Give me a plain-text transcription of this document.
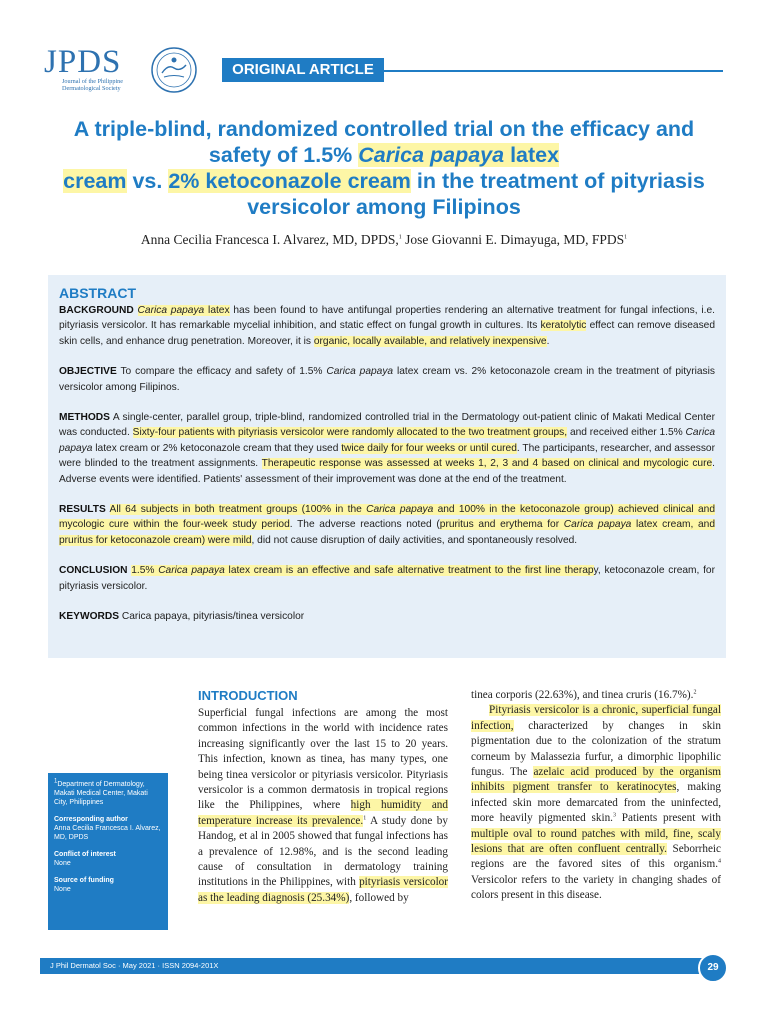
JPDS
Journal of the Philippine Dermatological Society
ORIGINAL ARTICLE
A triple-blind, randomized controlled trial on the efficacy and safety of 1.5% Carica papaya latex
cream vs. 2% ketoconazole cream in the treatment of pityriasis versicolor among Filipinos
Anna Cecilia Francesca I. Alvarez, MD, DPDS,$^1$ Jose Giovanni E. Dimayuga, MD, FPDS$^1$
ABSTRACT

BACKGROUND Carica papaya latex has been found to have antifungal properties rendering an alternative treatment for fungal infections, i.e. pityriasis versicolor. It has remarkable mycelial inhibition, and static effect on fungal growth in cultures. Its keratolytic effect can remove diseased skin cells, and enhance drug penetration. Moreover, it is organic, locally available, and relatively inexpensive.

OBJECTIVE To compare the efficacy and safety of 1.5% Carica papaya latex cream vs. 2% ketoconazole cream in the treatment of pityriasis versicolor among Filipinos.

METHODS A single-center, parallel group, triple-blind, randomized controlled trial in the Dermatology out-patient clinic of Makati Medical Center was conducted. Sixty-four patients with pityriasis versicolor were randomly allocated to the two treatment groups, and received either 1.5% Carica papaya latex cream or 2% ketoconazole cream that they used twice daily for four weeks or until cured. The participants, researcher, and assessor were blinded to the treatment assignments. Therapeutic response was assessed at weeks 1, 2, 3 and 4 based on clinical and mycologic cure. Adverse events were identified. Patients' assessment of their improvement was done at the end of the treatment.

RESULTS All 64 subjects in both treatment groups (100% in the Carica papaya and 100% in the ketoconazole group) achieved clinical and mycologic cure within the four-week study period. The adverse reactions noted (pruritus and erythema for Carica papaya latex cream, and pruritus for ketoconazole cream) were mild, did not cause disruption of daily activities, and spontaneously resolved.

CONCLUSION 1.5% Carica papaya latex cream is an effective and safe alternative treatment to the first line therapy, ketoconazole cream, for pityriasis versicolor.

KEYWORDS Carica papaya, pityriasis/tinea versicolor

$^1$Department of Dermatology, Makati Medical Center, Makati City, Philippines
Corresponding author
Anna Cecilia Francesca I. Alvarez, MD, DPDS
Conflict of interest
None
Source of funding
None
INTRODUCTION

Superficial fungal infections are among the most common infections in the world with incidence rates increasing significantly over the last 15 to 20 years. This infection, known as tinea, has many types, one being tinea versicolor or pityriasis versicolor. Pityriasis versicolor is a common dermatosis in tropical regions like the Philippines, where high humidity and temperature increase its prevalence.$^1$ A study done by Handog, et al in 2005 showed that fungal infections has a prevalence of 12.98%, and is the second leading cause of consultation in dermatology training institutions in the Philippines, with pityriasis versicolor as the leading diagnosis (25.34%), followed by

tinea corporis (22.63%), and tinea cruris (16.7%).$^2$

Pityriasis versicolor is a chronic, superficial fungal infection, characterized by changes in skin pigmentation due to the colonization of the stratum corneum by Malassezia furfur, a dimorphic lipophilic fungus. The azelaic acid produced by the organism inhibits pigment transfer to keratinocytes, making infected skin more demarcated from the uninfected, more heavily pigmented skin.$^3$ Patients present with multiple oval to round patches with mild, fine, scaly lesions that are often confluent centrally. Seborrheic regions are the favored sites of this organism.$^4$ Versicolor refers to the variety in changing shades of colors present in this disease.

J Phil Dermatol Soc · May 2021 · ISSN 2094-201X	29
